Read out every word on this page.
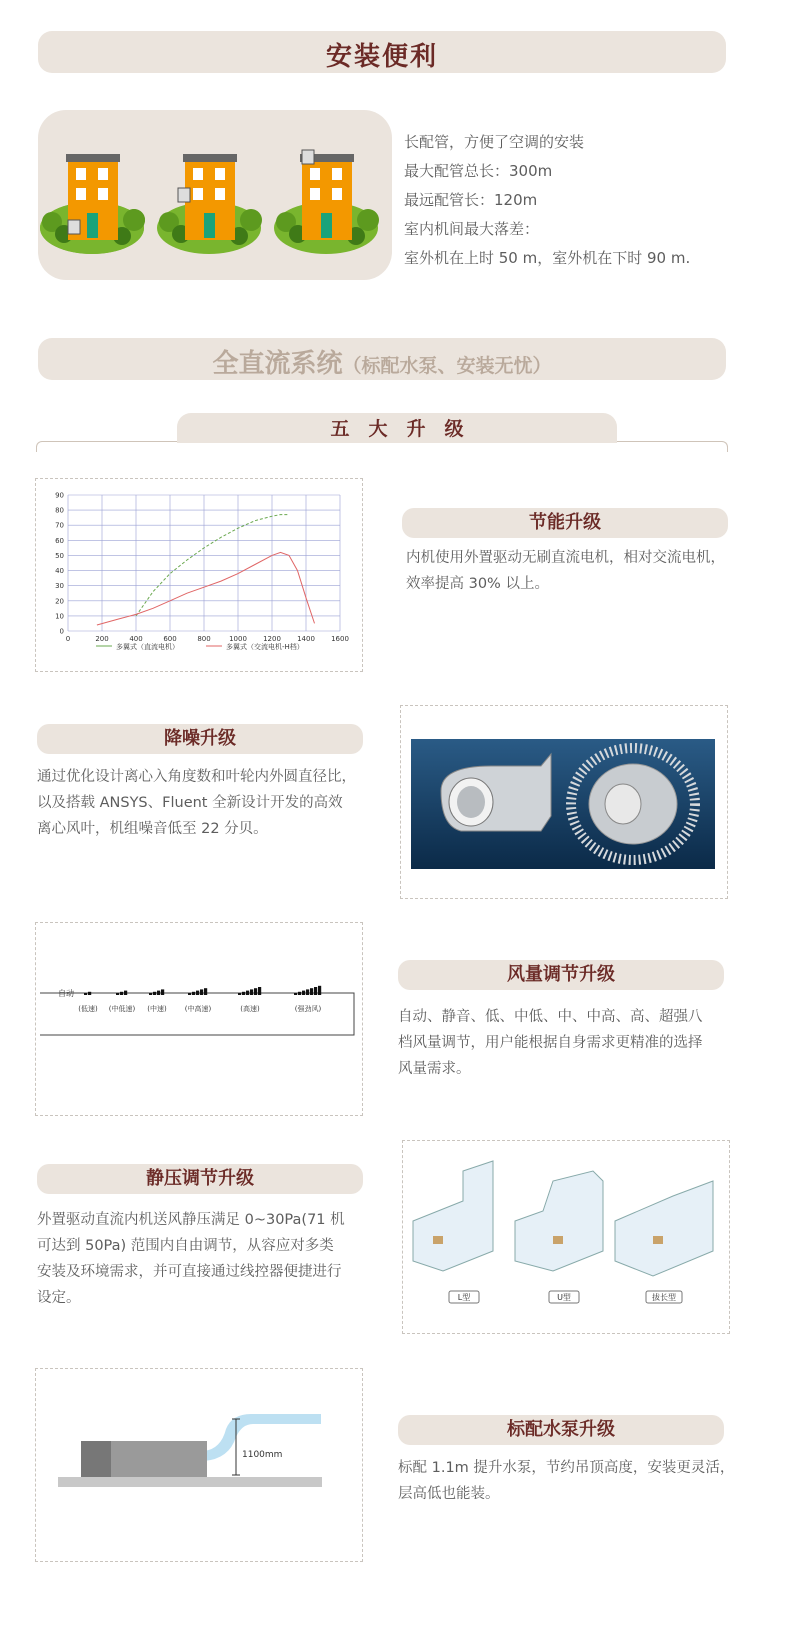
安装便利
长配管，方便了空调的安装
最大配管总长：300m
最远配管长：120m
室内机间最大落差：
室外机在上时 50 m，室外机在下时 90 m.
全直流系统（标配水泵、安装无忧）
五　大　升　级
0	200	400	600	800	1000 1200 1400 1600
0
10
20
30
40
50
60
70
80
90
多翼式（直流电机）	多翼式（交流电机-H档）
节能升级
内机使用外置驱动无刷直流电机，相对交流电机，
效率提高 30% 以上。
降噪升级
通过优化设计离心入角度数和叶轮内外圆直径比，
以及搭载 ANSYS、Fluent 全新设计开发的高效
离心风叶，机组噪音低至 22 分贝。
自动
(低速) (中低速) (中速)	(中高速)	(高速)	(强劲风)
风量调节升级
自动、静音、低、中低、中、中高、高、超强八
档风量调节，用户能根据自身需求更精准的选择
风量需求。
静压调节升级
外置驱动直流内机送风静压满足 0~30Pa(71 机
可达到 50Pa) 范围内自由调节，从容应对多类
安装及环境需求，并可直接通过线控器便捷进行
设定。	L型	U型	拔长型
1100mm
标配水泵升级
标配 1.1m 提升水泵，节约吊顶高度，安装更灵活，
层高低也能装。
